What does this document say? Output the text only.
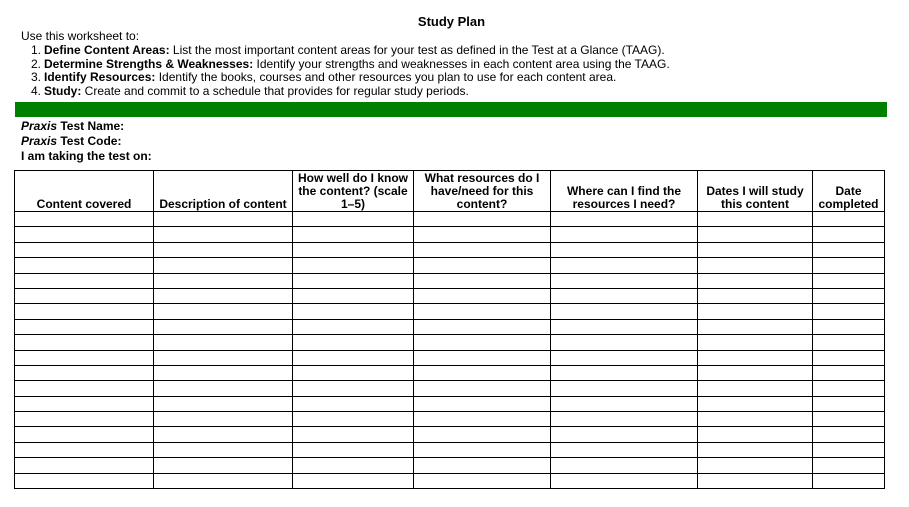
Study Plan
Use this worksheet to:
1. Define Content Areas: List the most important content areas for your test as defined in the Test at a Glance (TAAG).
2. Determine Strengths & Weaknesses: Identify your strengths and weaknesses in each content area using the TAAG.
3. Identify Resources: Identify the books, courses and other resources you plan to use for each content area.
4. Study: Create and commit to a schedule that provides for regular study periods.
Praxis Test Name:
Praxis Test Code:
I am taking the test on:
Content covered	Description of content	How well do I know the content? (scale 1–5)	What resources do I have/need for this content?	Where can I find the resources I need?	Dates I will study this content	Date completed
